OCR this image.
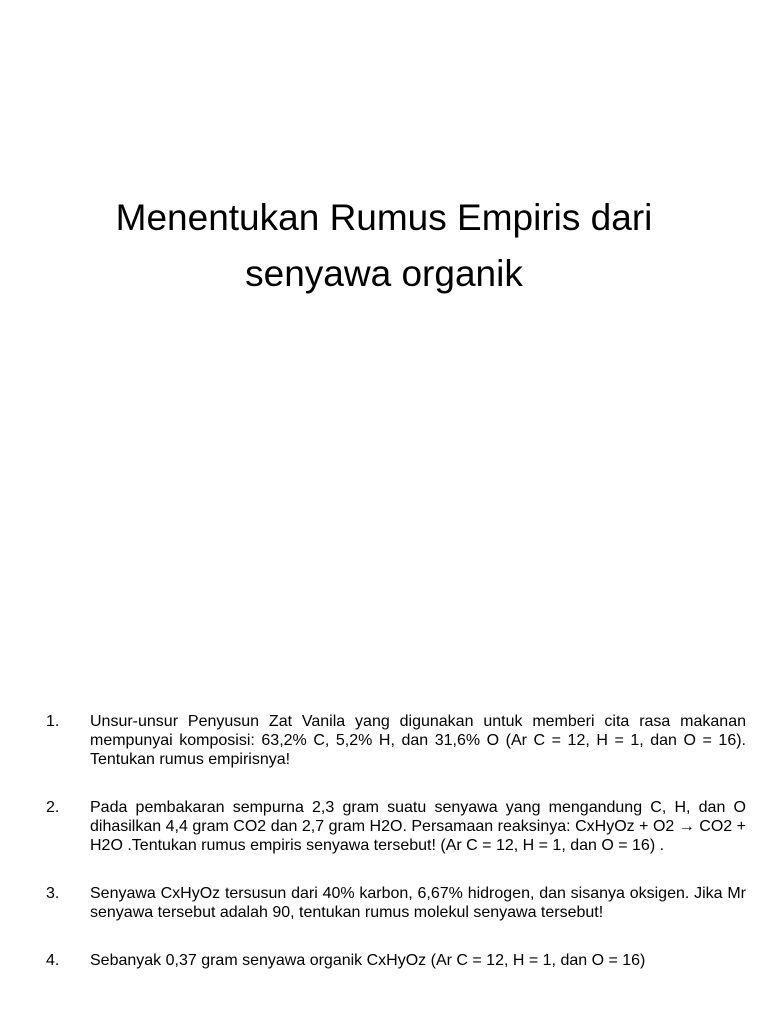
Menentukan Rumus Empiris dari
senyawa organik
1.	Unsur-unsur Penyusun Zat Vanila yang digunakan untuk memberi cita rasa makanan mempunyai komposisi: 63,2% C, 5,2% H, dan 31,6% O (Ar C = 12, H = 1, dan O = 16). Tentukan rumus empirisnya!
2.	Pada pembakaran sempurna 2,3 gram suatu senyawa yang mengandung C, H, dan O dihasilkan 4,4 gram CO2 dan 2,7 gram H2O. Persamaan reaksinya: CxHyOz + O2 → CO2 + H2O .Tentukan rumus empiris senyawa tersebut! (Ar C = 12, H = 1, dan O = 16) .
3.	Senyawa CxHyOz tersusun dari 40% karbon, 6,67% hidrogen, dan sisanya oksigen. Jika Mr senyawa tersebut adalah 90, tentukan rumus molekul senyawa tersebut!
4.	Sebanyak 0,37 gram senyawa organik CxHyOz (Ar C = 12, H = 1, dan O = 16)
